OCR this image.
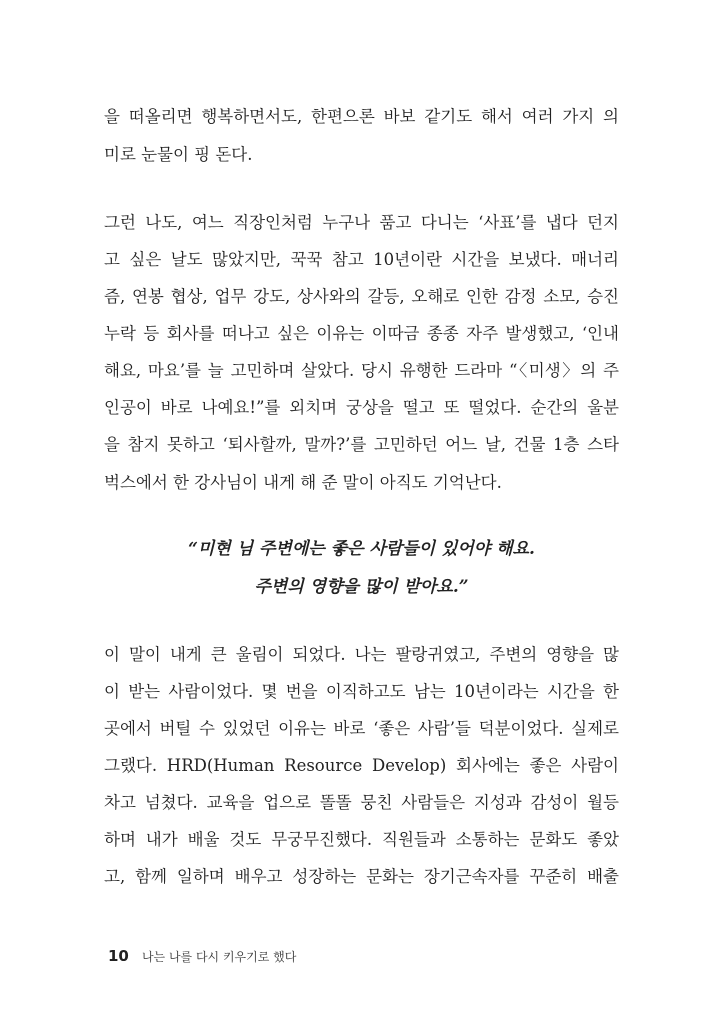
을 떠올리면 행복하면서도, 한편으론 바보 같기도 해서 여러 가지 의
미로 눈물이 핑 돈다.
그런 나도, 여느 직장인처럼 누구나 품고 다니는 ‘사표’를 냅다 던지
고 싶은 날도 많았지만, 꾹꾹 참고 10년이란 시간을 보냈다. 매너리
즘, 연봉 협상, 업무 강도, 상사와의 갈등, 오해로 인한 감정 소모, 승진
누락 등 회사를 떠나고 싶은 이유는 이따금 종종 자주 발생했고, ‘인내
해요, 마요’를 늘 고민하며 살았다. 당시 유행한 드라마 “〈미생〉의 주
인공이 바로 나예요!”를 외치며 궁상을 떨고 또 떨었다. 순간의 울분
을 참지 못하고 ‘퇴사할까, 말까?’를 고민하던 어느 날, 건물 1층 스타
벅스에서 한 강사님이 내게 해 준 말이 아직도 기억난다.
“미현 님 주변에는 좋은 사람들이 있어야 해요.
주변의 영향을 많이 받아요.”
이 말이 내게 큰 울림이 되었다. 나는 팔랑귀였고, 주변의 영향을 많
이 받는 사람이었다. 몇 번을 이직하고도 남는 10년이라는 시간을 한
곳에서 버틸 수 있었던 이유는 바로 ‘좋은 사람’들 덕분이었다. 실제로
그랬다. HRD(Human Resource Develop) 회사에는 좋은 사람이
차고 넘쳤다. 교육을 업으로 똘똘 뭉친 사람들은 지성과 감성이 월등
하며 내가 배울 것도 무궁무진했다. 직원들과 소통하는 문화도 좋았
고, 함께 일하며 배우고 성장하는 문화는 장기근속자를 꾸준히 배출
10 나는 나를 다시 키우기로 했다
